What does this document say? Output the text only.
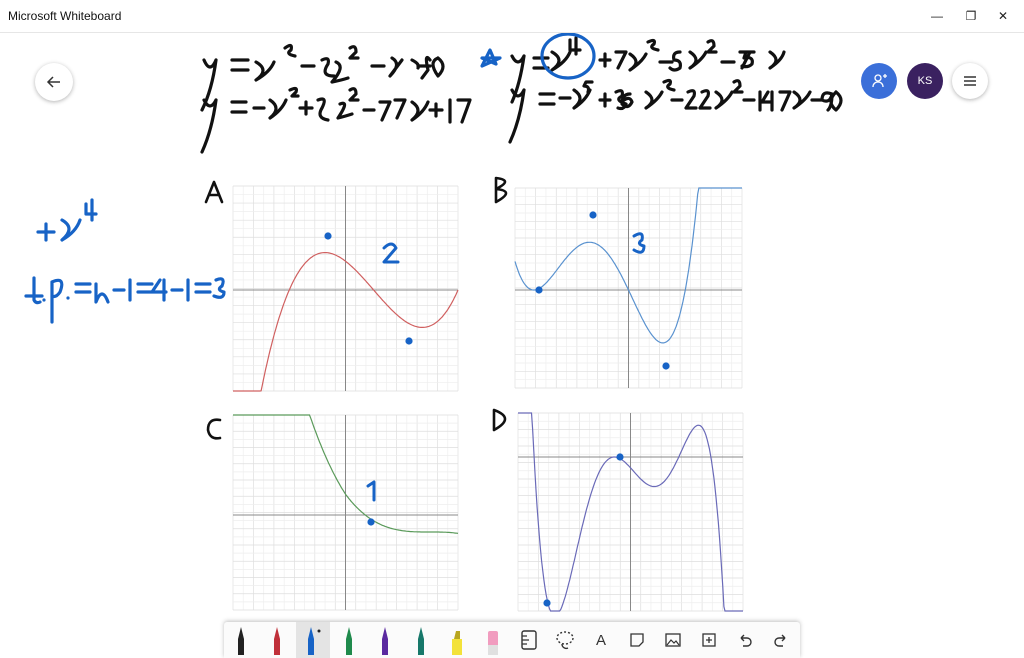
Microsoft Whiteboard	—	❐	✕
KS
A
